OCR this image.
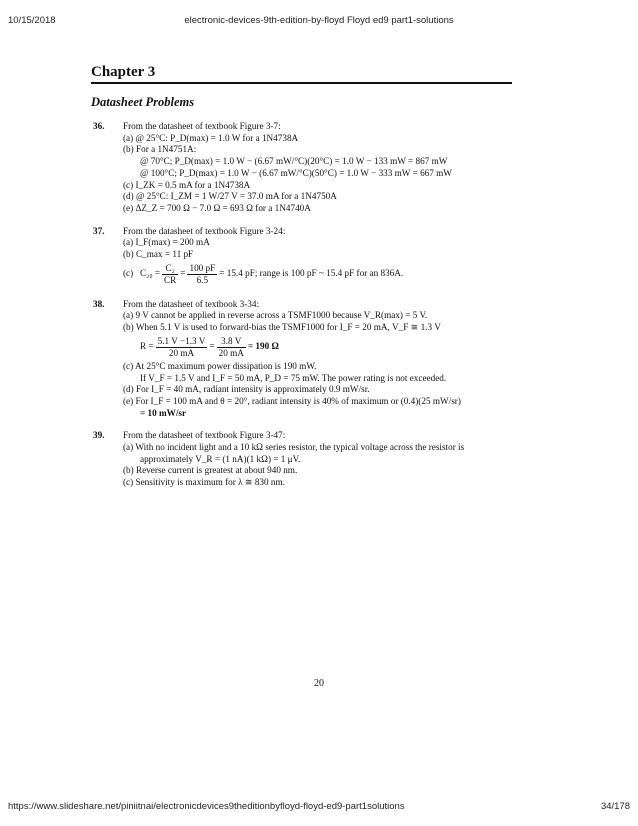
10/15/2018	electronic-devices-9th-edition-by-floyd Floyd ed9 part1-solutions
Chapter 3
Datasheet Problems
36.	From the datasheet of textbook Figure 3-7:
(a) @ 25°C: P_D(max) = 1.0 W for a 1N4738A
(b) For a 1N4751A:
@ 70°C; P_D(max) = 1.0 W − (6.67 mW/°C)(20°C) = 1.0 W − 133 mW = 867 mW
@ 100°C; P_D(max) = 1.0 W − (6.67 mW/°C)(50°C) = 1.0 W − 333 mW = 667 mW
(c) I_ZK = 0.5 mA for a 1N4738A
(d) @ 25°C: I_ZM = 1 W/27 V = 37.0 mA for a 1N4750A
(e) ΔZ_Z = 700 Ω − 7.0 Ω = 693 Ω for a 1N4740A
37.	From the datasheet of textbook Figure 3-24:
(a) I_F(max) = 200 mA
(b) C_max = 11 pF
(c) $C_{20} = \frac{\text{C₂}}{CR} = \frac{100 pF}{6.5} = 15.4$ pF; range is 100 pF ~ 15.4 pF for an 836A.
38.	From the datasheet of textbook 3-34:
(a) 9 V cannot be applied in reverse across a TSMF1000 because V_R(max) = 5 V.
(b) When 5.1 V is used to forward-bias the TSMF1000 for I_F = 20 mA, V_F ≅ 1.3 V
$R = \frac{5.1 V -1.3 V}{20 mA} = \frac{3.8 V}{20 mA} = 190$ Ω
(c) At 25°C maximum power dissipation is 190 mW.
If V_F = 1.5 V and I_F = 50 mA, P_D = 75 mW. The power rating is not exceeded.
(d) For I_F = 40 mA, radiant intensity is approximately 0.9 mW/sr.
(e) For I_F = 100 mA and θ = 20°, radiant intensity is 40% of maximum or (0.4)(25 mW/sr)
= 10 mW/sr
39.	From the datasheet of textbook Figure 3-47:
(a) With no incident light and a 10 kΩ series resistor, the typical voltage across the resistor is
approximately V_R = (1 nA)(1 kΩ) = 1 μV.
(b) Reverse current is greatest at about 940 nm.
(c) Sensitivity is maximum for λ ≅ 830 nm.
20
https://www.slideshare.net/piniitnai/electronicdevices9theditionbyfloyd-floyd-ed9-part1solutions	34/178
